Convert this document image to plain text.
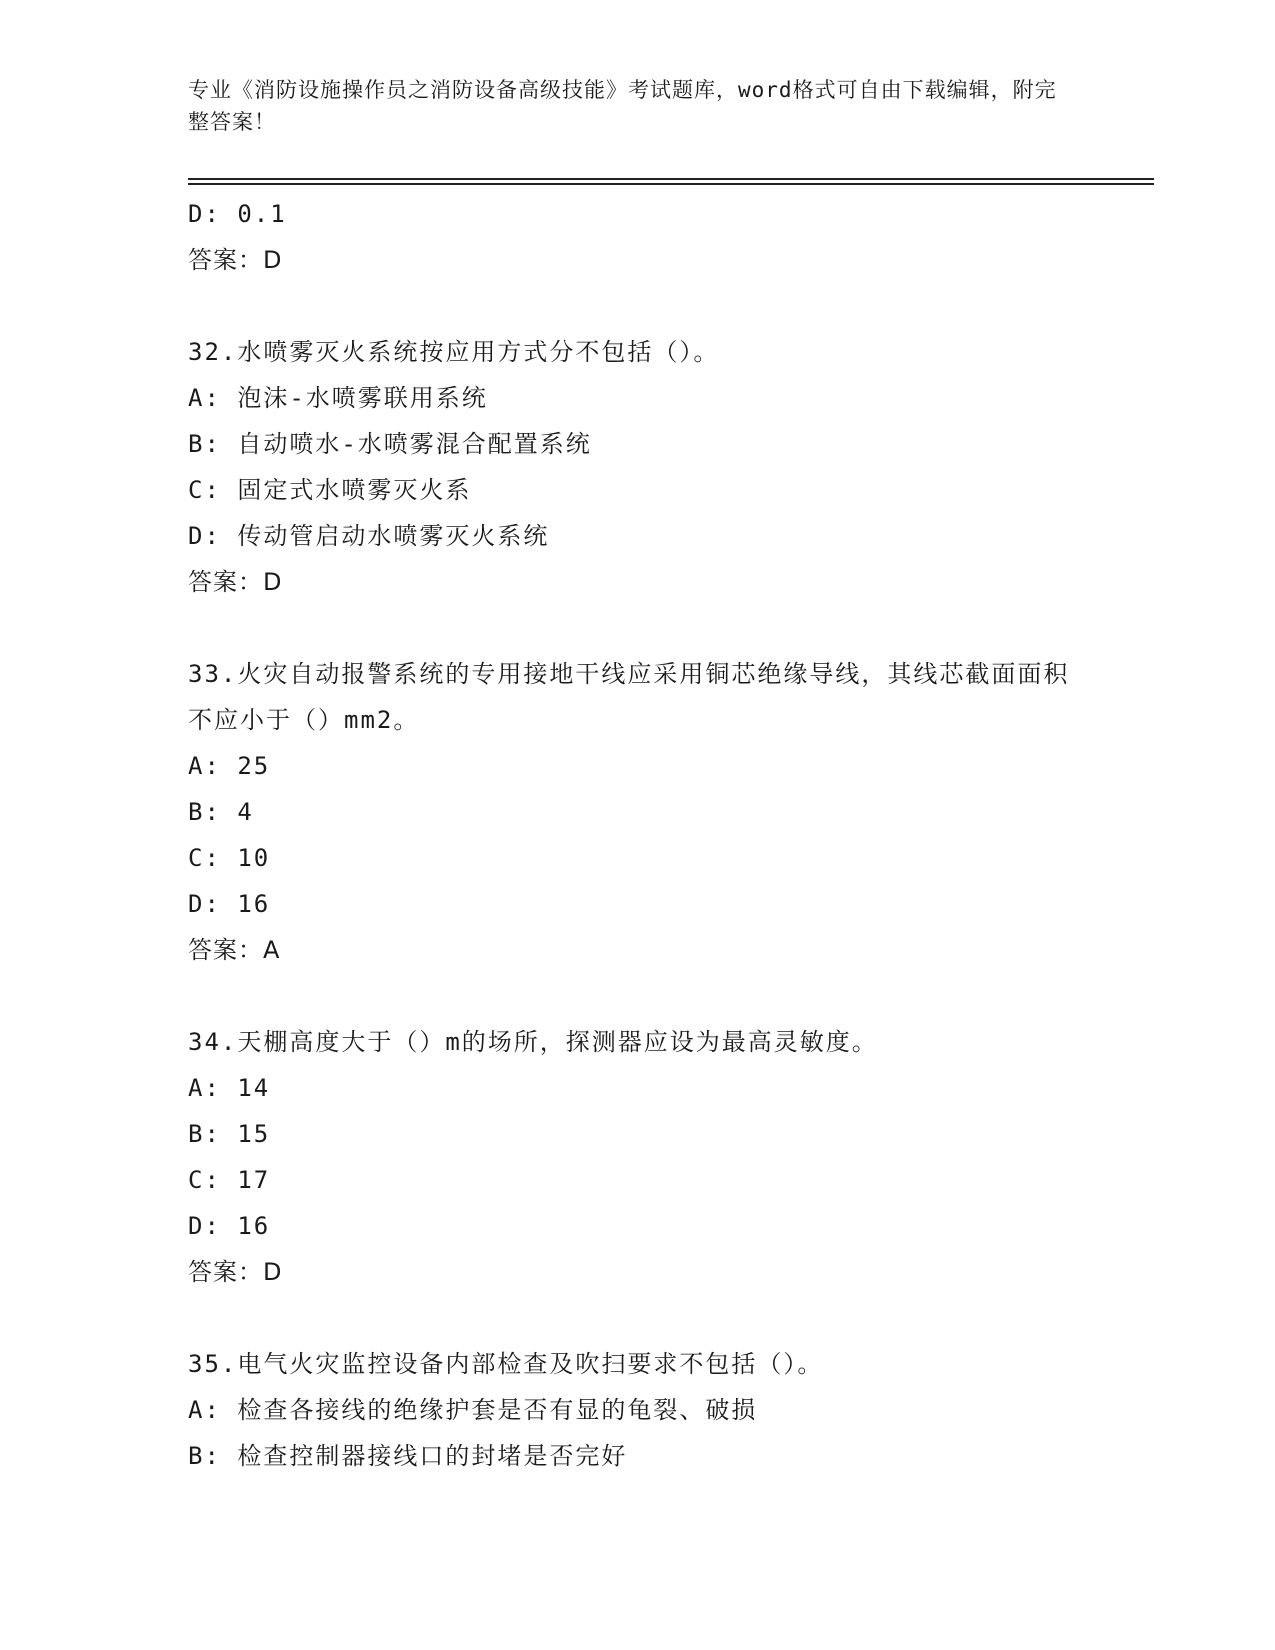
专业《消防设施操作员之消防设备高级技能》考试题库，word格式可自由下载编辑，附完整答案！
D: 0.1
答案：D
32.水喷雾灭火系统按应用方式分不包括（）。
A: 泡沫-水喷雾联用系统
B: 自动喷水-水喷雾混合配置系统
C: 固定式水喷雾灭火系
D: 传动管启动水喷雾灭火系统
答案：D
33.火灾自动报警系统的专用接地干线应采用铜芯绝缘导线，其线芯截面面积不应小于（）mm2。
A: 25
B: 4
C: 10
D: 16
答案：A
34.天棚高度大于（）m的场所，探测器应设为最高灵敏度。
A: 14
B: 15
C: 17
D: 16
答案：D
35.电气火灾监控设备内部检查及吹扫要求不包括（）。
A: 检查各接线的绝缘护套是否有显的龟裂、破损
B: 检查控制器接线口的封堵是否完好
